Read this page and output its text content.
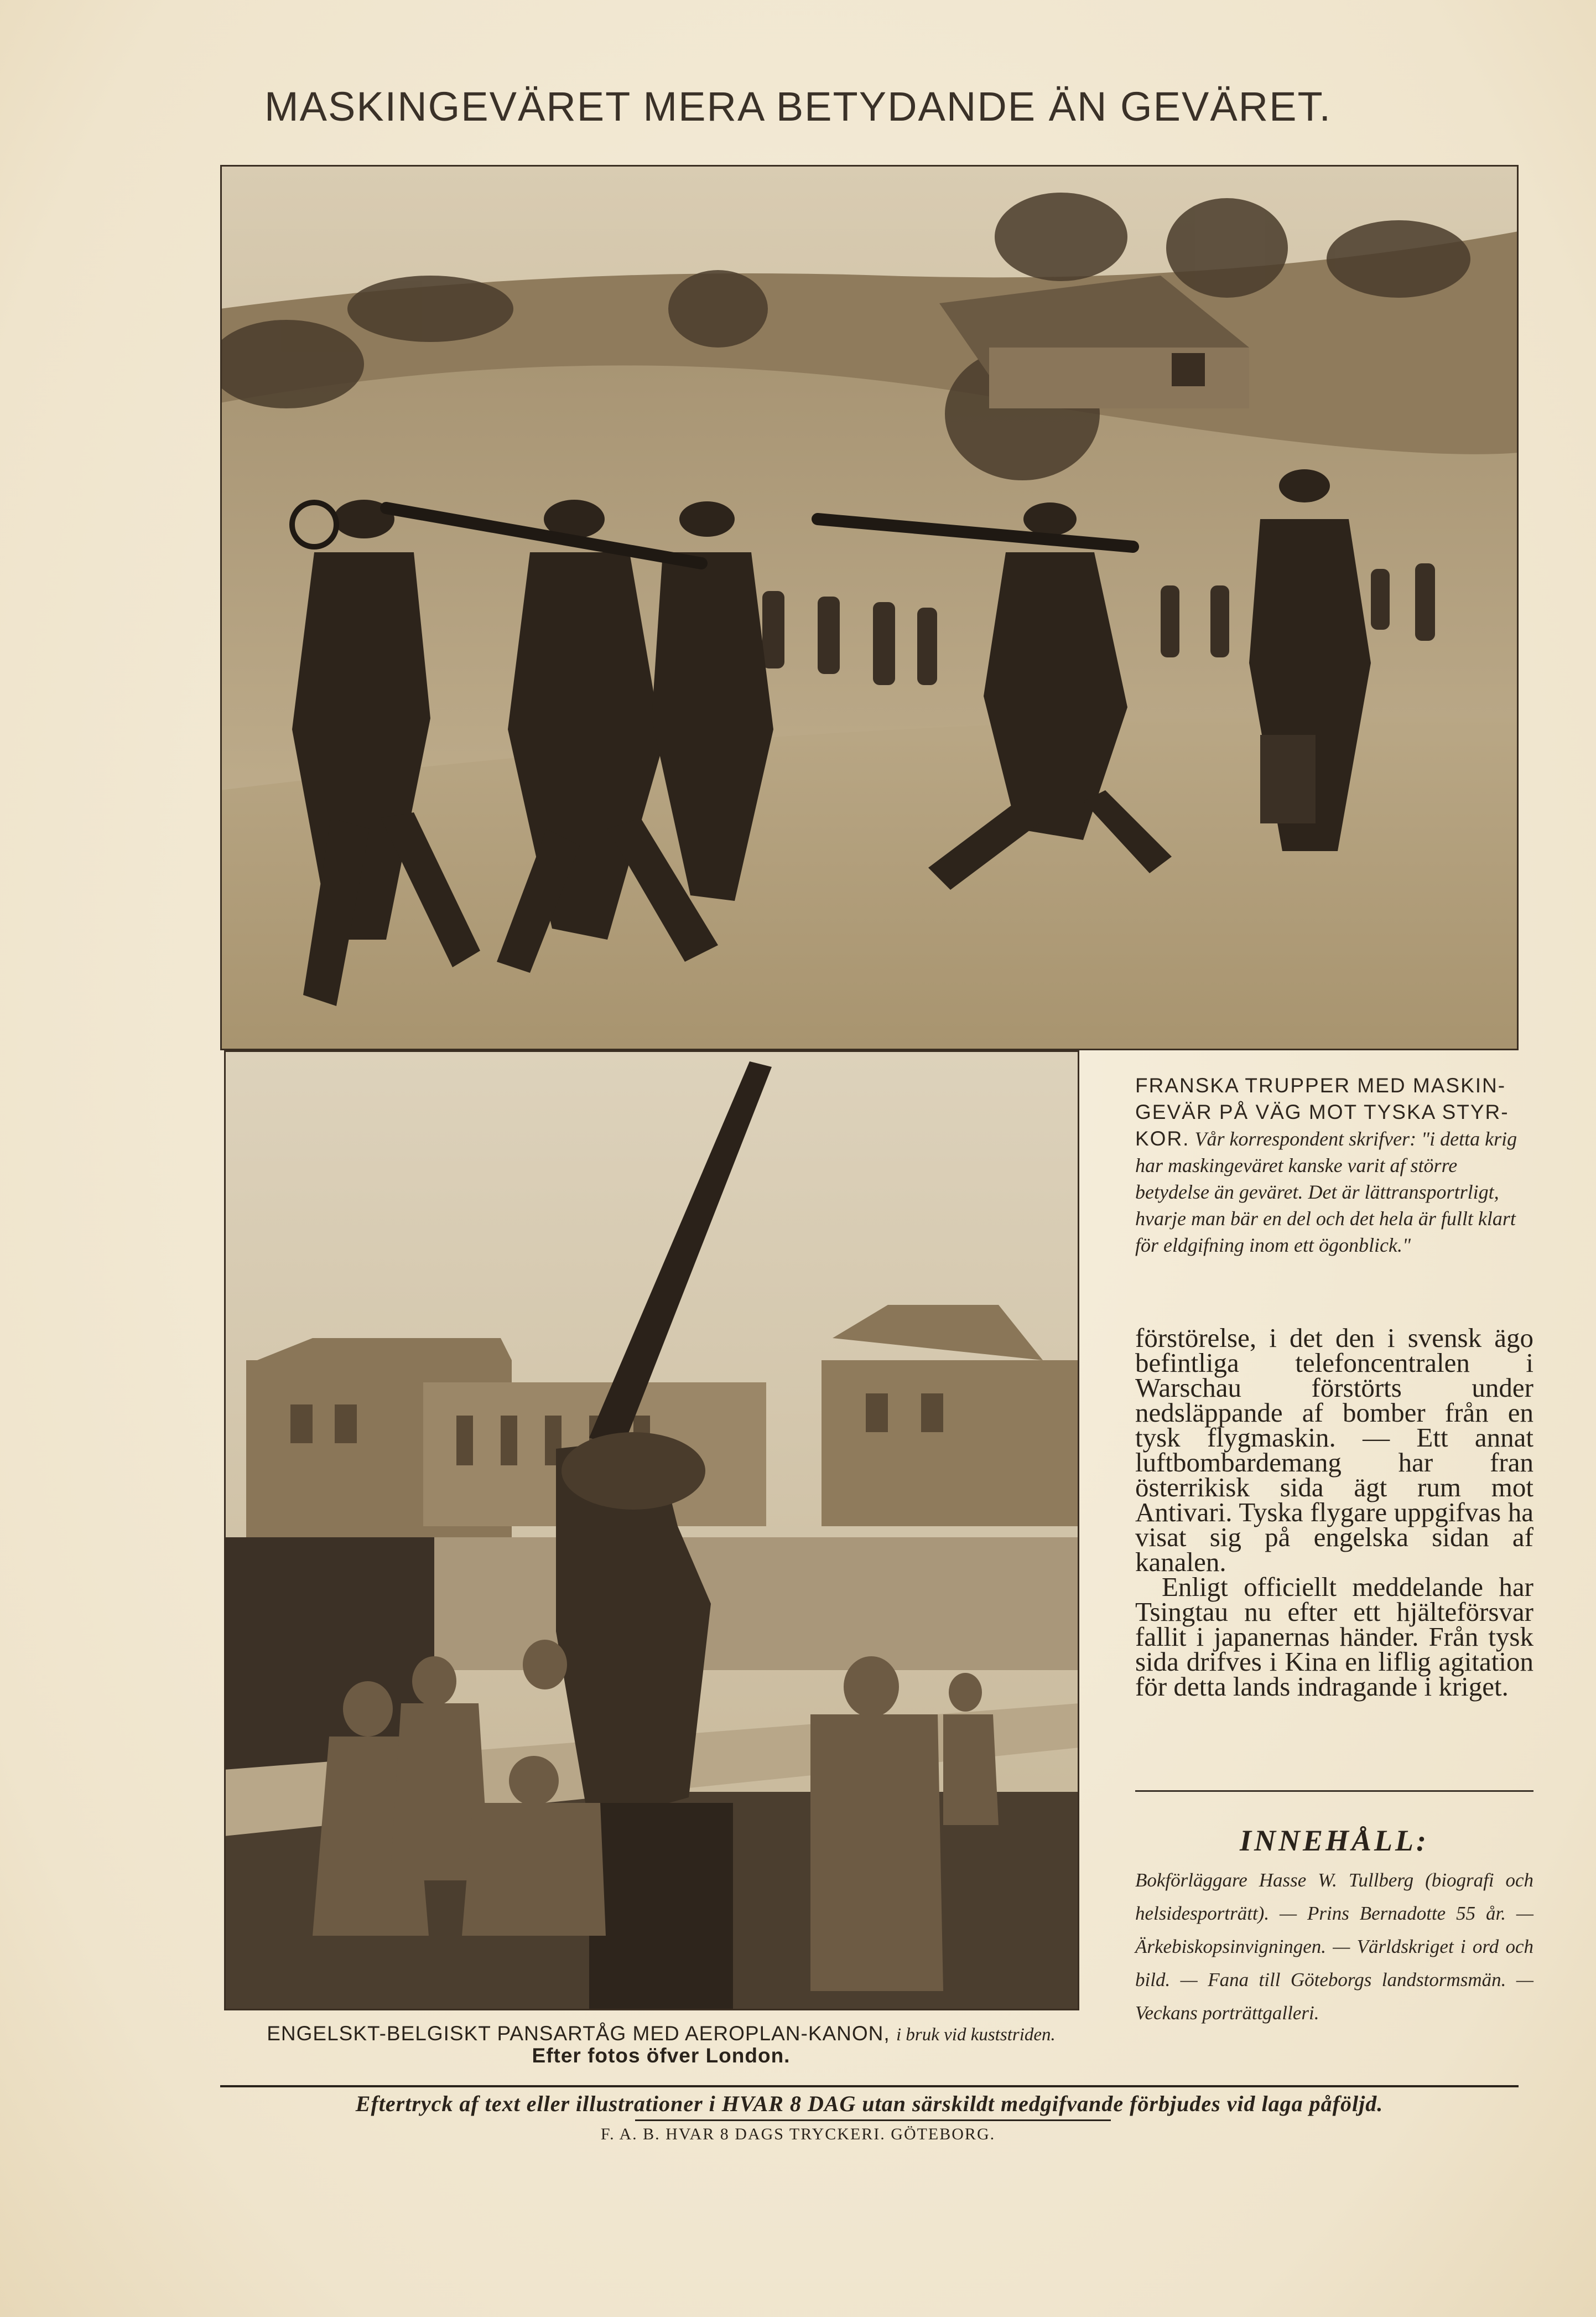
MASKINGEVÄRET MERA BETYDANDE ÄN GEVÄRET.
FRANSKA TRUPPER MED MASKIN-GEVÄR PÅ VÄG MOT TYSKA STYR-KOR. Vår korrespondent skrifver: "i detta krig har maskingeväret kanske varit af större betydelse än geväret. Det är lättransportrligt, hvarje man bär en del och det hela är fullt klart för eldgifning inom ett ögonblick."

förstörelse, i det den i svensk ägo befintliga telefoncentralen i Warschau förstörts under nedsläppande af bomber från en tysk flygmaskin. — Ett annat luftbombardemang har fran österrikisk sida ägt rum mot Antivari. Tyska flygare uppgifvas ha visat sig på engelska sidan af kanalen.

Enligt officiellt meddelande har Tsingtau nu efter ett hjälteförsvar fallit i japanernas händer. Från tysk sida drifves i Kina en liflig agitation för detta lands indragande i kriget.

INNEHÅLL:
Bokförläggare Hasse W. Tullberg (biografi och helsidesporträtt). — Prins Bernadotte 55 år. — Ärkebiskopsinvigningen. — Världskriget i ord och bild. — Fana till Göteborgs landstormsmän. — Veckans porträttgalleri.
ENGELSKT-BELGISKT PANSARTÅG MED AEROPLAN-KANON, i bruk vid kuststriden.
Efter fotos öfver London.
Eftertryck af text eller illustrationer i HVAR 8 DAG utan särskildt medgifvande förbjudes vid laga påföljd.
F. A. B. HVAR 8 DAGS TRYCKERI. GÖTEBORG.
